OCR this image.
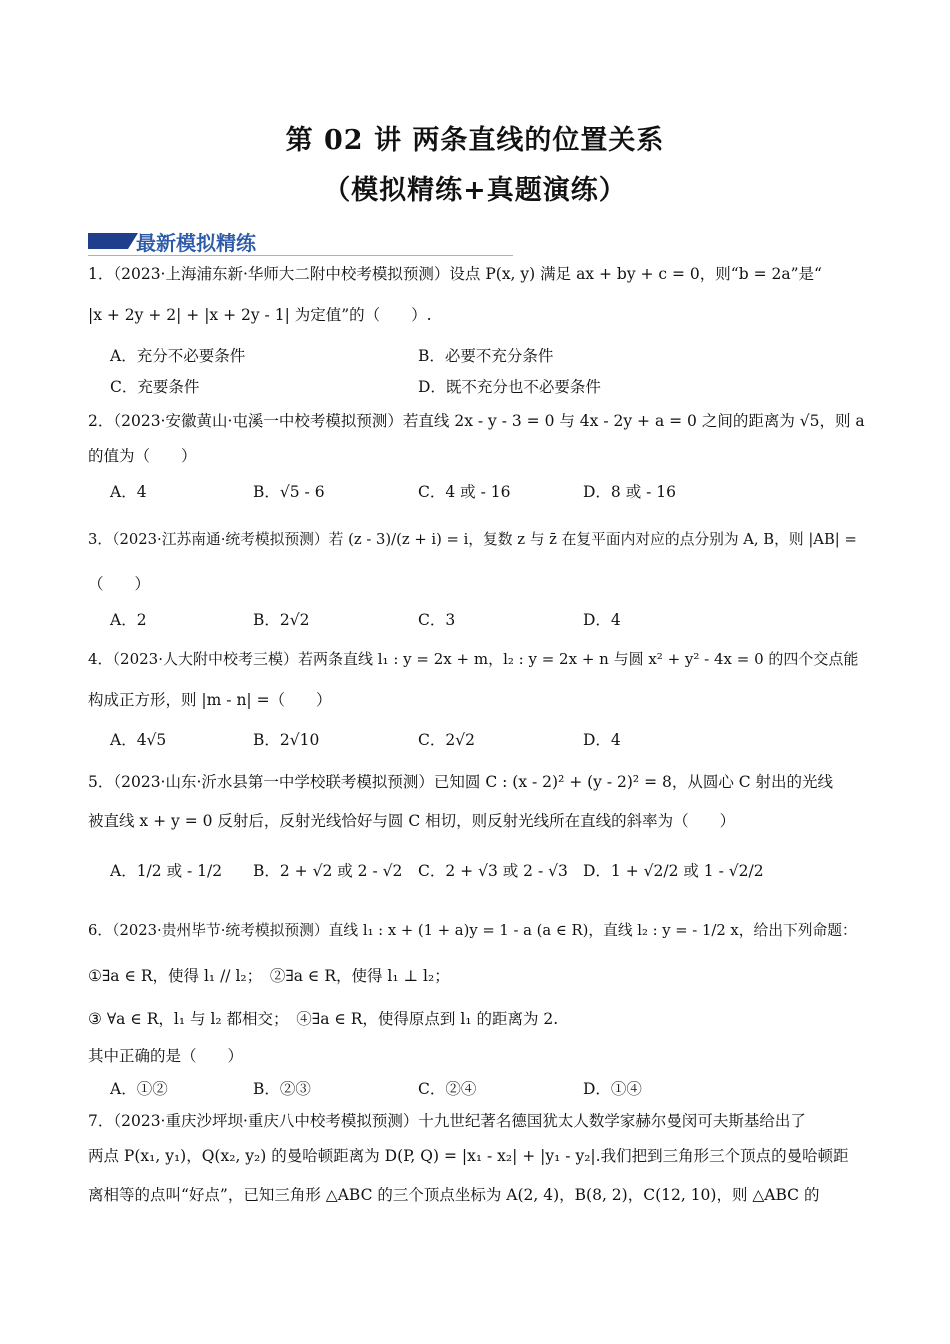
第 02 讲 两条直线的位置关系
（模拟精练+真题演练）
最新模拟精练
1．（2023·上海浦东新·华师大二附中校考模拟预测）设点 P(x, y) 满足 ax + by + c = 0，则“b = 2a”是“
|x + 2y + 2| + |x + 2y - 1| 为定值”的（　　）.
A．充分不必要条件	B．必要不充分条件
C．充要条件	D．既不充分也不必要条件
2．（2023·安徽黄山·屯溪一中校考模拟预测）若直线 2x - y - 3 = 0 与 4x - 2y + a = 0 之间的距离为 √5，则 a
的值为（　　）
A．4	B．√5 - 6	C．4 或 - 16	D．8 或 - 16
3．（2023·江苏南通·统考模拟预测）若 (z - 3)/(z + i) = i，复数 z 与 z̄ 在复平面内对应的点分别为 A, B，则 |AB| =
（　　）
A．2	B．2√2	C．3	D．4
4．（2023·人大附中校考三模）若两条直线 l₁ : y = 2x + m，l₂ : y = 2x + n 与圆 x² + y² - 4x = 0 的四个交点能
构成正方形，则 |m - n| =（　　）
A．4√5	B．2√10	C．2√2	D．4
5．（2023·山东·沂水县第一中学校联考模拟预测）已知圆 C : (x - 2)² + (y - 2)² = 8，从圆心 C 射出的光线
被直线 x + y = 0 反射后，反射光线恰好与圆 C 相切，则反射光线所在直线的斜率为（　　）
A．1/2 或 - 1/2 B．2 + √2 或 2 - √2 C．2 + √3 或 2 - √3 D．1 + √2/2 或 1 - √2/2
6．（2023·贵州毕节·统考模拟预测）直线 l₁ : x + (1 + a)y = 1 - a (a ∈ R)，直线 l₂ : y = - 1/2 x，给出下列命题：
①∃a ∈ R，使得 l₁ // l₂；　②∃a ∈ R，使得 l₁ ⊥ l₂；
③ ∀a ∈ R，l₁ 与 l₂ 都相交；　④∃a ∈ R，使得原点到 l₁ 的距离为 2.
其中正确的是（　　）
A．①②	B．②③	C．②④	D．①④
7．（2023·重庆沙坪坝·重庆八中校考模拟预测）十九世纪著名德国犹太人数学家赫尔曼闵可夫斯基给出了
两点 P(x₁, y₁)，Q(x₂, y₂) 的曼哈顿距离为 D(P, Q) = |x₁ - x₂| + |y₁ - y₂|.我们把到三角形三个顶点的曼哈顿距
离相等的点叫“好点”，已知三角形 △ABC 的三个顶点坐标为 A(2, 4)，B(8, 2)，C(12, 10)，则 △ABC 的
